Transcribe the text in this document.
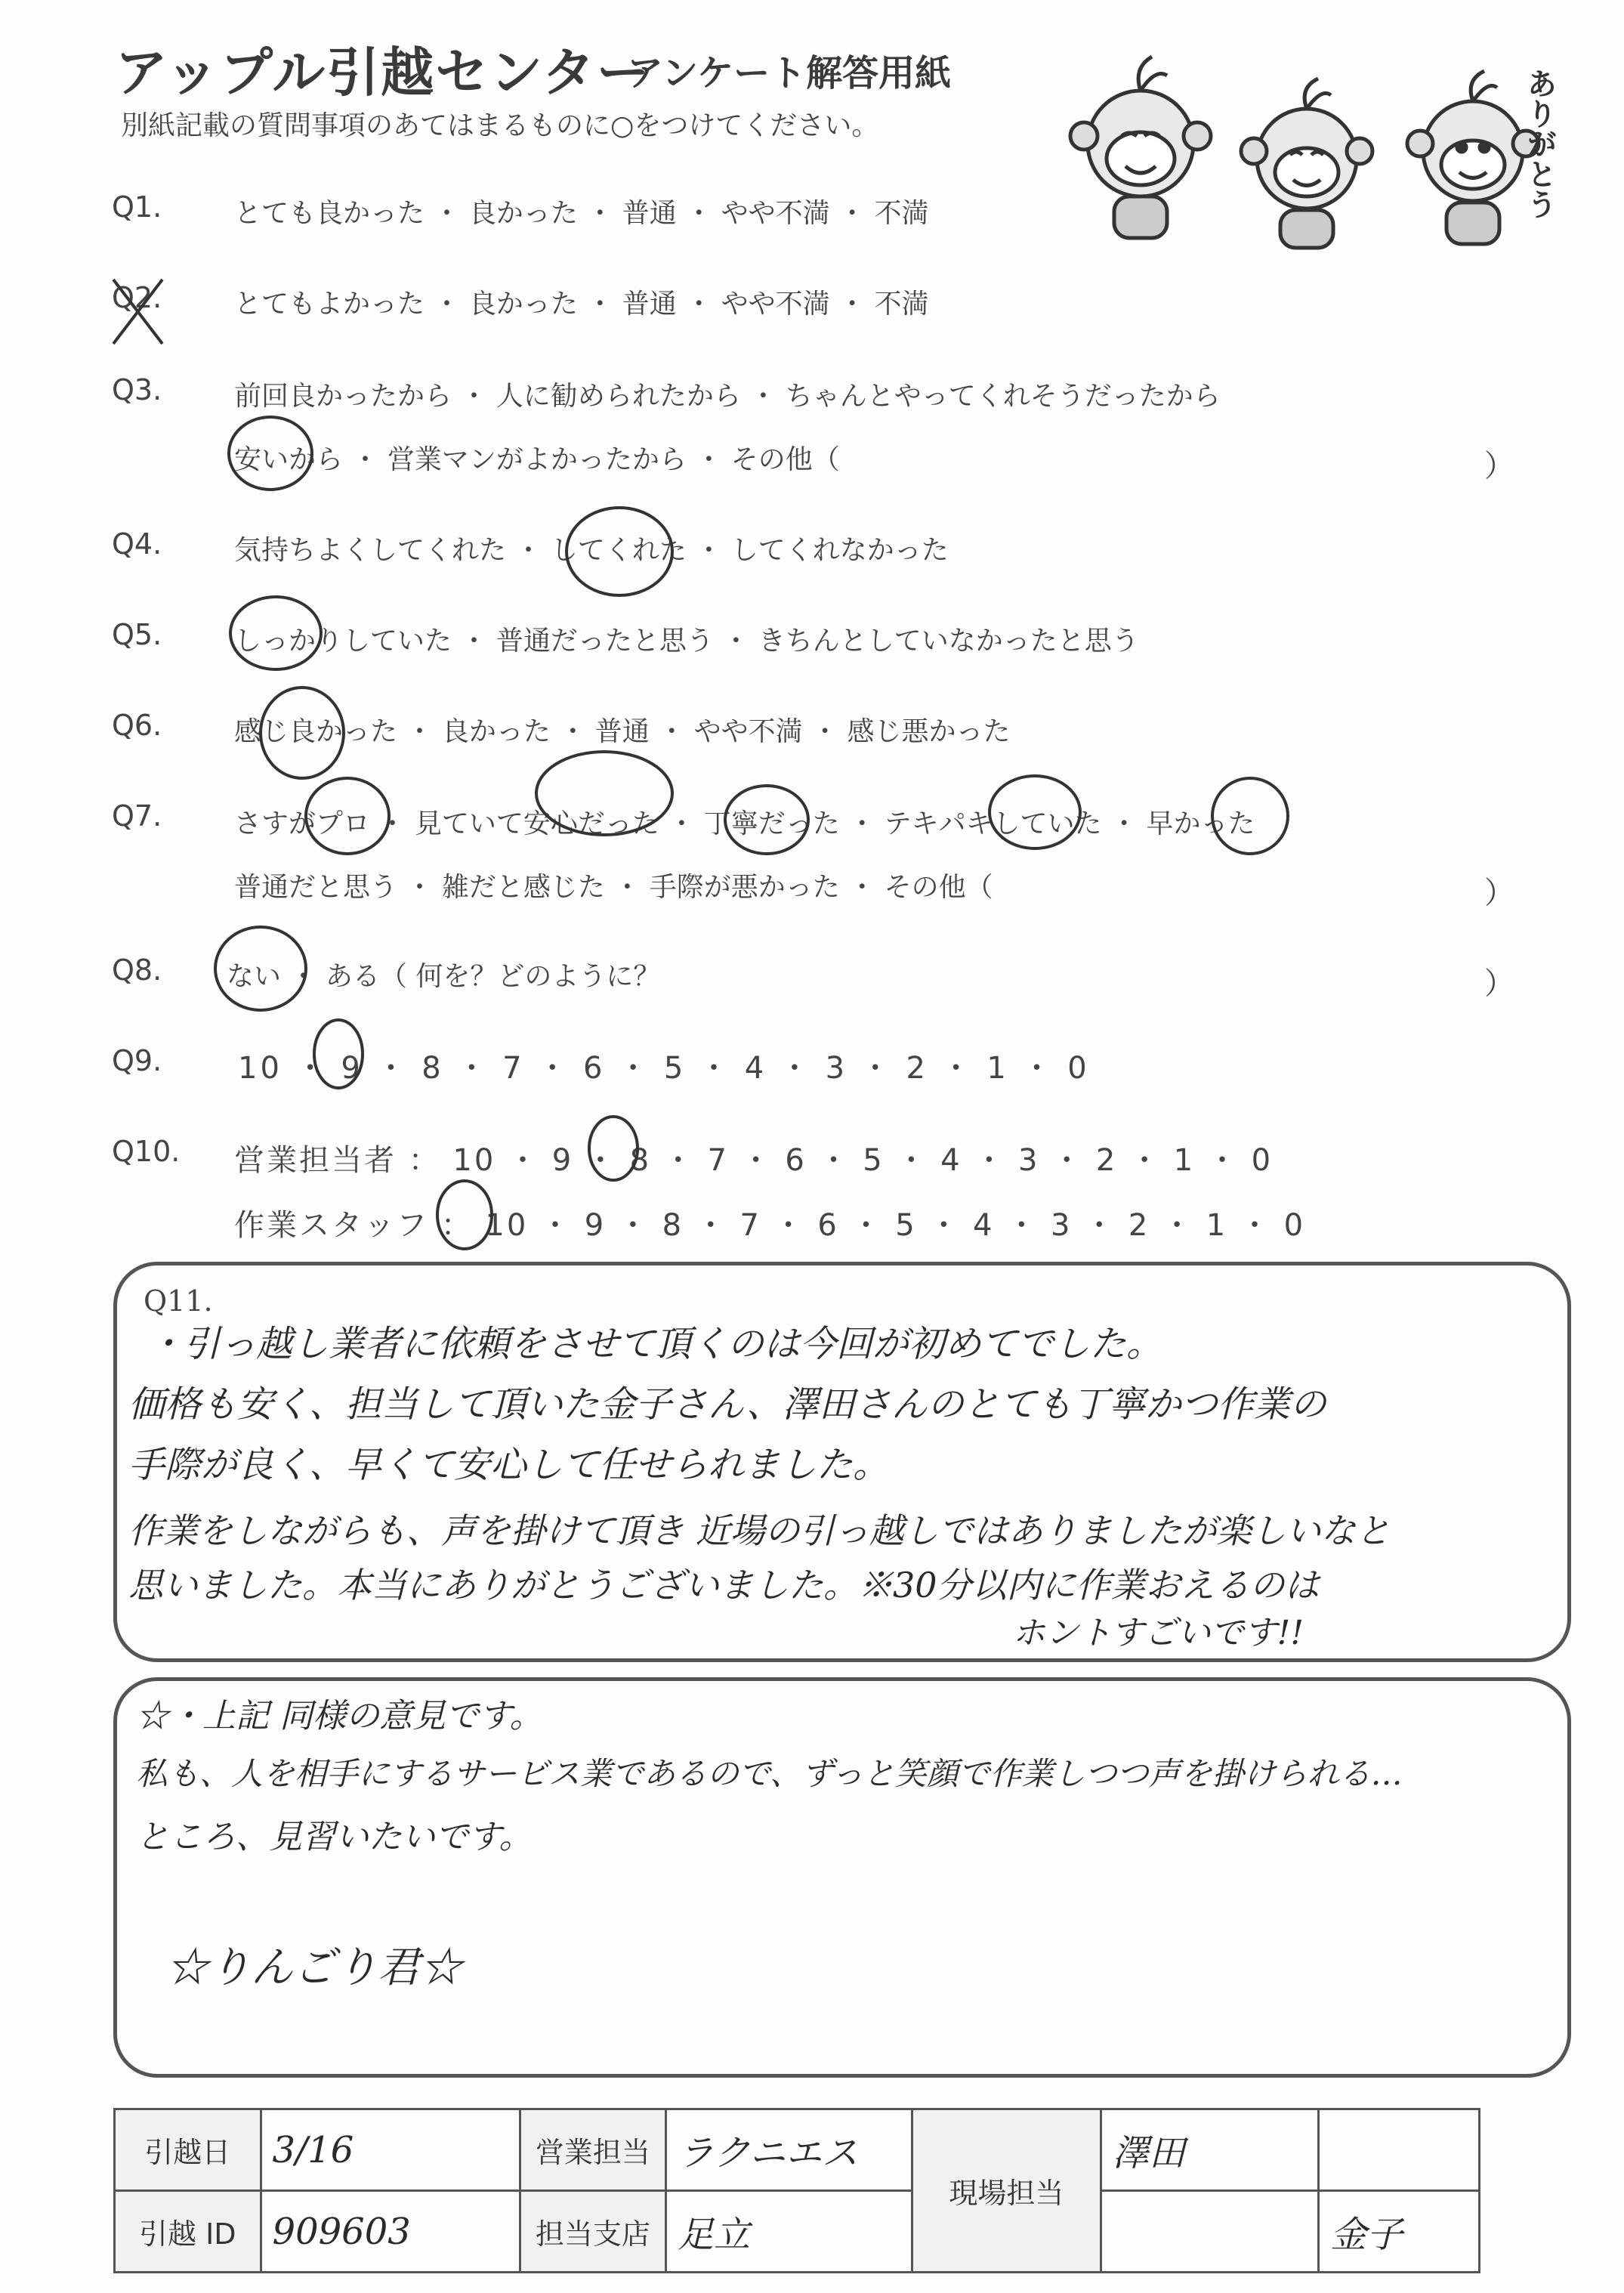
アップル引越センター
アンケート解答用紙
別紙記載の質問事項のあてはまるものに○をつけてください。	ありがとう
Q1.	とても良かった ・ 良かった ・ 普通 ・ やや不満 ・ 不満
Q2.	とてもよかった ・ 良かった ・ 普通 ・ やや不満 ・ 不満
Q3.	前回良かったから ・ 人に勧められたから ・ ちゃんとやってくれそうだったから
安いから ・ 営業マンがよかったから ・ その他（	）
Q4.	気持ちよくしてくれた ・ してくれた ・ してくれなかった
Q5.	しっかりしていた ・ 普通だったと思う ・ きちんとしていなかったと思う
Q6.	感じ良かった ・ 良かった ・ 普通 ・ やや不満 ・ 感じ悪かった
Q7.	さすがプロ ・ 見ていて安心だった ・ 丁寧だった ・ テキパキしていた ・ 早かった
普通だと思う ・ 雑だと感じた ・ 手際が悪かった ・ その他（	）
Q8. ない ・ ある（ 何を？どのように？	）
Q9.	10 ・ 9 ・ 8 ・ 7 ・ 6 ・ 5 ・ 4 ・ 3 ・ 2 ・ 1 ・ 0
Q10. 営業担当者 ： 10 ・ 9 ・ 8 ・ 7 ・ 6 ・ 5 ・ 4 ・ 3 ・ 2 ・ 1 ・ 0
作業スタッフ ： 10 ・ 9 ・ 8 ・ 7 ・ 6 ・ 5 ・ 4 ・ 3 ・ 2 ・ 1 ・ 0
Q11.
・引っ越し業者に依頼をさせて頂くのは今回が初めてでした。
価格も安く、担当して頂いた金子さん、澤田さんのとても丁寧かつ作業の
手際が良く、早くて安心して任せられました。
作業をしながらも、声を掛けて頂き 近場の引っ越しではありましたが楽しいなと
思いました。本当にありがとうございました。※30分以内に作業おえるのは
ホントすごいです!!
☆・上記 同様の意見です。
私も、人を相手にするサービス業であるので、ずっと笑顔で作業しつつ声を掛けられる…
ところ、見習いたいです。
☆りんごり君☆
引越日	3/16	営業担当	ラクニエス	現場担当	澤田	
引越 ID	909603	担当支店	足立			金子
